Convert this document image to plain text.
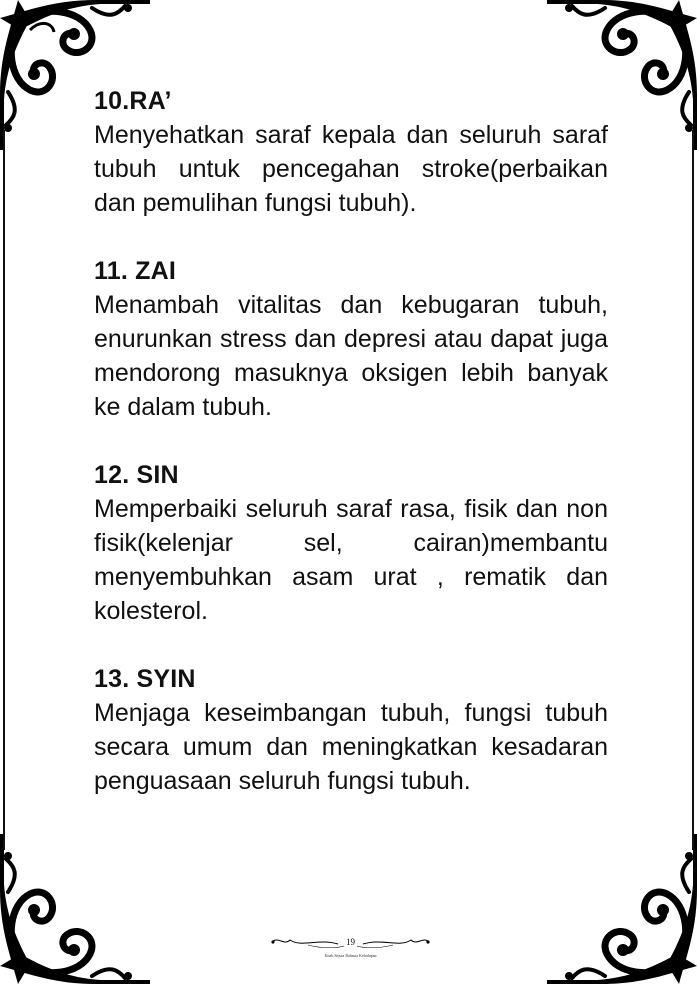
10.RA’

Menyehatkan saraf kepala dan seluruh saraf tubuh untuk pencegahan stroke(perbaikan dan pemulihan fungsi tubuh).

11. ZAI

Menambah vitalitas dan kebugaran tubuh, enurunkan stress dan depresi atau dapat juga mendorong masuknya oksigen lebih banyak ke dalam tubuh.

12. SIN

Memperbaiki seluruh saraf rasa, fisik dan non fisik(kelenjar sel, cairan)membantu menyembuhkan asam urat , rematik dan kolesterol.

13. SYIN

Menjaga keseimbangan tubuh, fungsi tubuh secara umum dan meningkatkan kesadaran penguasaan seluruh fungsi tubuh.

19
Kitab Sejuta Rahasia Kehidupan
